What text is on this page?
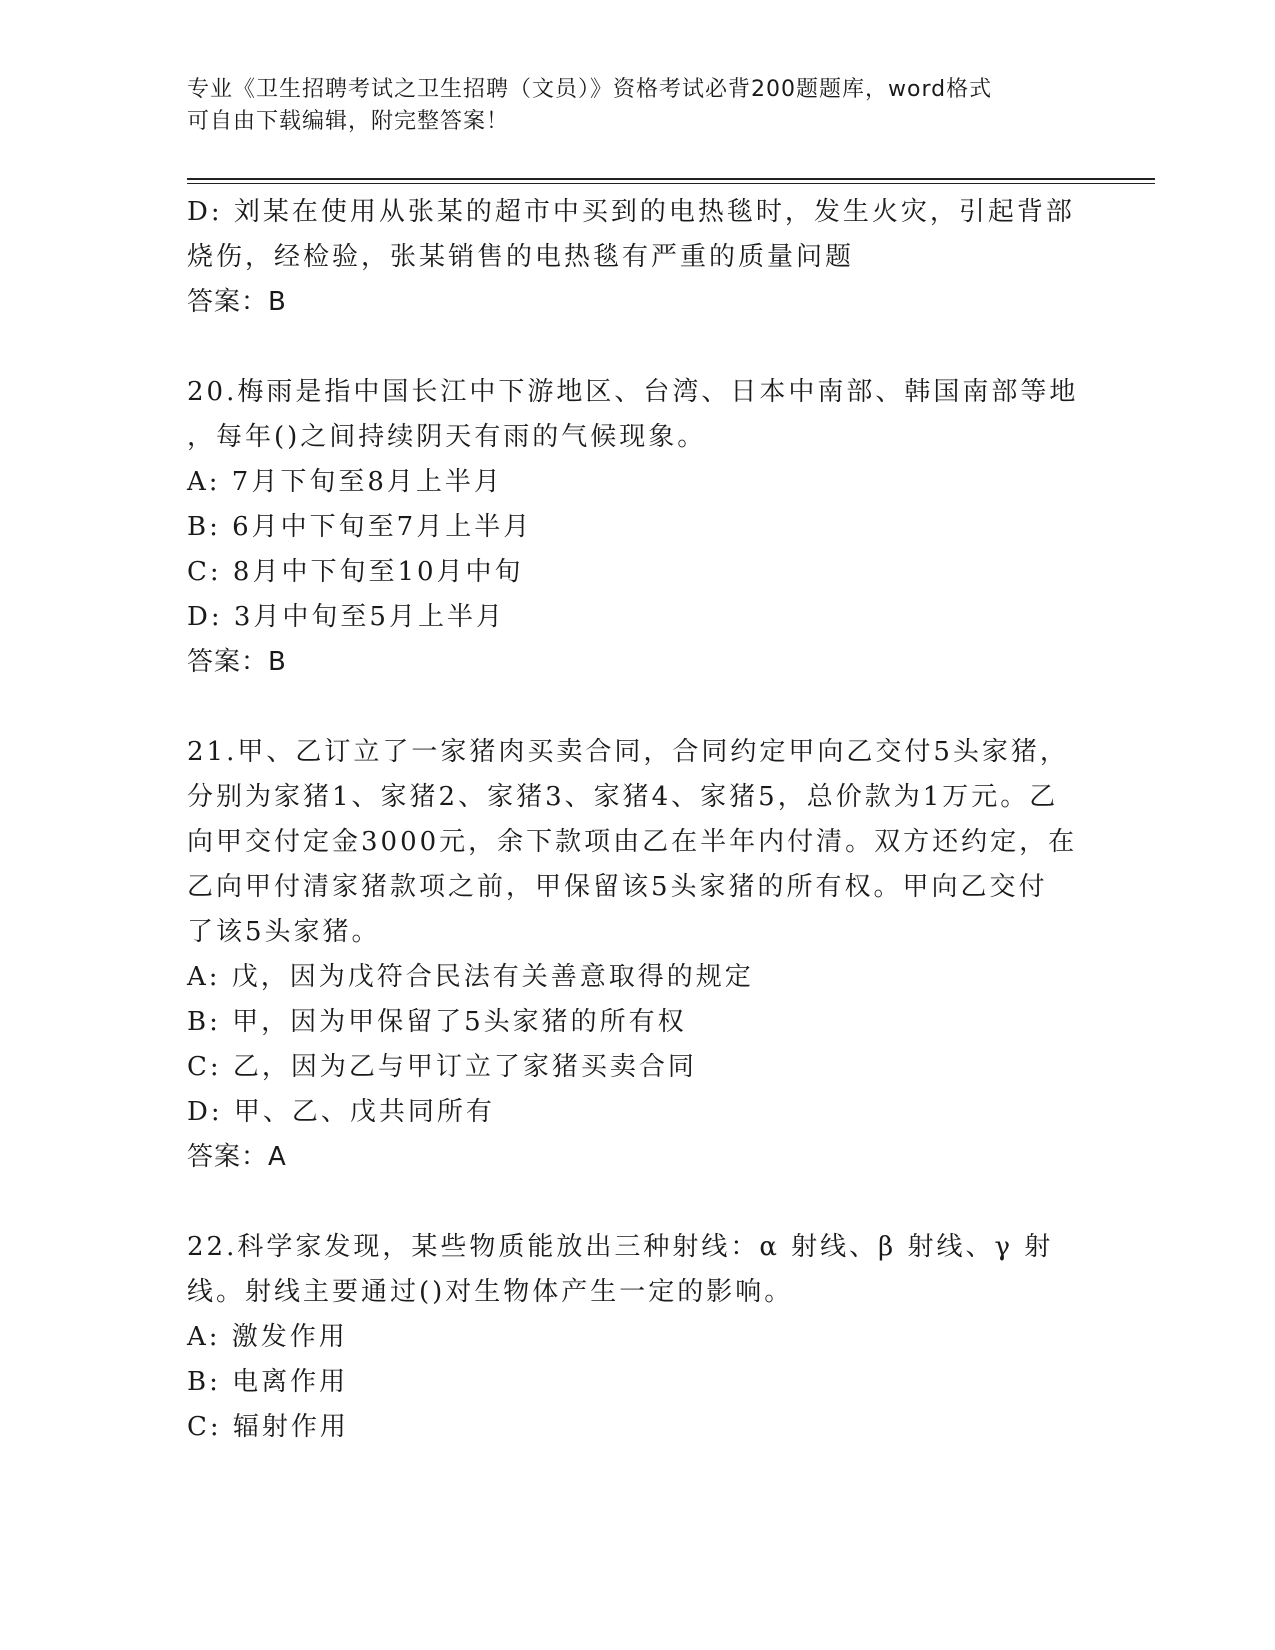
专业《卫生招聘考试之卫生招聘（文员）》资格考试必背200题题库，word格式
可自由下载编辑，附完整答案！
D: 刘某在使用从张某的超市中买到的电热毯时，发生火灾，引起背部
烧伤，经检验，张某销售的电热毯有严重的质量问题
答案：B
20.梅雨是指中国长江中下游地区、台湾、日本中南部、韩国南部等地
，每年()之间持续阴天有雨的气候现象。
A: 7月下旬至8月上半月
B: 6月中下旬至7月上半月
C: 8月中下旬至10月中旬
D: 3月中旬至5月上半月
答案：B
21.甲、乙订立了一家猪肉买卖合同，合同约定甲向乙交付5头家猪，
分别为家猪1、家猪2、家猪3、家猪4、家猪5，总价款为1万元。乙
向甲交付定金3000元，余下款项由乙在半年内付清。双方还约定，在
乙向甲付清家猪款项之前，甲保留该5头家猪的所有权。甲向乙交付
了该5头家猪。
A: 戊，因为戊符合民法有关善意取得的规定
B: 甲，因为甲保留了5头家猪的所有权
C: 乙，因为乙与甲订立了家猪买卖合同
D: 甲、乙、戊共同所有
答案：A
22.科学家发现，某些物质能放出三种射线：α 射线、β 射线、γ 射
线。射线主要通过()对生物体产生一定的影响。
A: 激发作用
B: 电离作用
C: 辐射作用
